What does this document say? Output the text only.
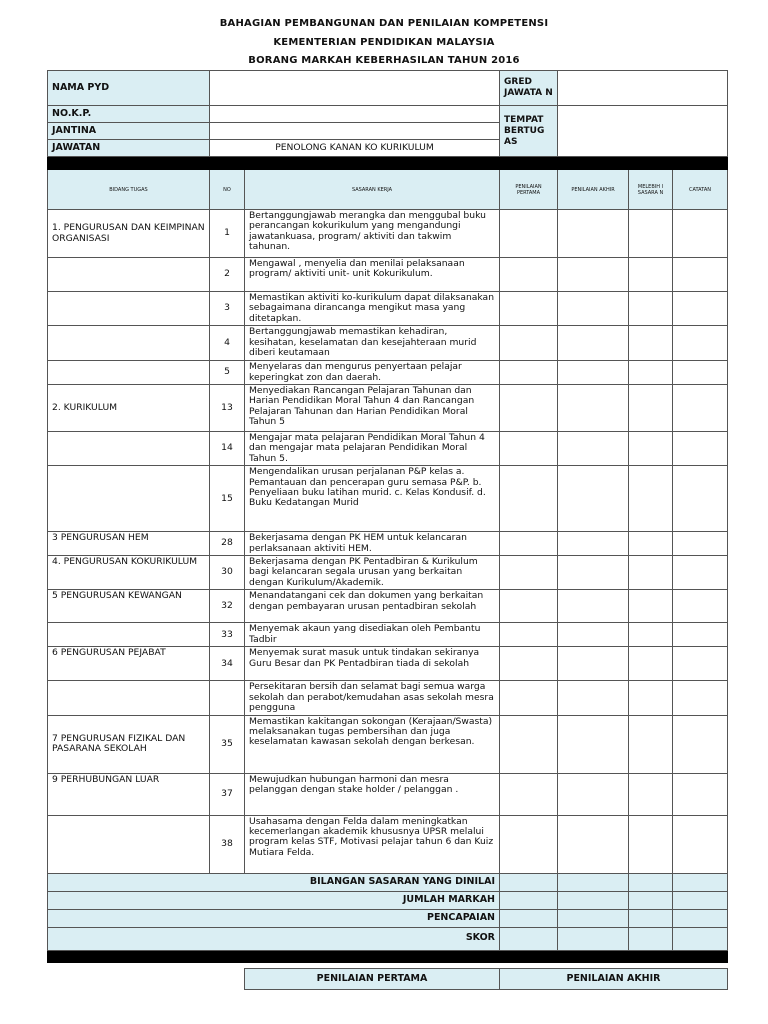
BAHAGIAN PEMBANGUNAN DAN PENILAIAN KOMPETENSI
KEMENTERIAN PENDIDIKAN MALAYSIA
BORANG MARKAH KEBERHASILAN TAHUN 2016
NAMA PYD		GRED JAWATA N	
NO.K.P.		TEMPAT BERTUG AS	
JANTINA			
JAWATAN	PENOLONG KANAN KO KURIKULUM		

BIDANG TUGAS	NO	SASARAN KERJA	PENILAIAN PERTAMA	PENILAIAN AKHIR	MELEBIH I SASARA N	CATATAN
1. PENGURUSAN DAN KEIMPINAN ORGANISASI	1	Bertanggungjawab merangka dan menggubal buku perancangan kokurikulum yang mengandungi jawatankuasa, program/ aktiviti dan takwim tahunan.				
	2	Mengawal , menyelia dan menilai pelaksanaan program/ aktiviti unit- unit Kokurikulum.				
	3	Memastikan aktiviti ko-kurikulum dapat dilaksanakan sebagaimana dirancanga mengikut masa yang ditetapkan.				
	4	Bertanggungjawab memastikan kehadiran, kesihatan, keselamatan dan kesejahteraan murid diberi keutamaan				
	5	Menyelaras dan mengurus penyertaan pelajar keperingkat zon dan daerah.				
2. KURIKULUM	13	Menyediakan Rancangan Pelajaran Tahunan dan Harian Pendidikan Moral Tahun 4 dan Rancangan Pelajaran Tahunan dan Harian Pendidikan Moral Tahun 5				
	14	Mengajar mata pelajaran Pendidikan Moral Tahun 4 dan mengajar mata pelajaran Pendidikan Moral Tahun 5.				
	15	Mengendalikan urusan perjalanan P&P kelas a. Pemantauan dan pencerapan guru semasa P&P. b. Penyeliaan buku latihan murid. c. Kelas Kondusif. d. Buku Kedatangan Murid				
3 PENGURUSAN HEM	28	Bekerjasama dengan PK HEM untuk kelancaran perlaksanaan aktiviti HEM.				
4. PENGURUSAN KOKURIKULUM	30	Bekerjasama dengan PK Pentadbiran & Kurikulum bagi kelancaran segala urusan yang berkaitan dengan Kurikulum/Akademik.				
5 PENGURUSAN KEWANGAN	32	Menandatangani cek dan dokumen yang berkaitan dengan pembayaran urusan pentadbiran sekolah				
	33	Menyemak akaun yang disediakan oleh Pembantu Tadbir				
6 PENGURUSAN PEJABAT	34	Menyemak surat masuk untuk tindakan sekiranya Guru Besar dan PK Pentadbiran tiada di sekolah				
		Persekitaran bersih dan selamat bagi semua warga sekolah dan perabot/kemudahan asas sekolah mesra pengguna				
7 PENGURUSAN FIZIKAL DAN PASARANA SEKOLAH	35	Memastikan kakitangan sokongan (Kerajaan/Swasta) melaksanakan tugas pembersihan dan juga keselamatan kawasan sekolah dengan berkesan.				
9 PERHUBUNGAN LUAR	37	Mewujudkan hubungan harmoni dan mesra pelanggan dengan stake holder / pelanggan .				
	38	Usahasama dengan Felda dalam meningkatkan kecemerlangan akademik khususnya UPSR melalui program kelas STF, Motivasi pelajar tahun 6 dan Kuiz Mutiara Felda.				
BILANGAN SASARAN YANG DINILAI						
JUMLAH MARKAH						
PENCAPAIAN						
SKOR						

PENILAIAN PERTAMA	PENILAIAN AKHIR
